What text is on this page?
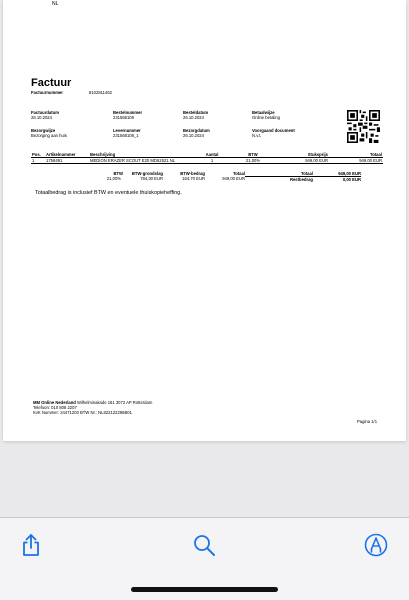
NL
Factuur
Factuurnummer	8102811462
Factuurdatum
26.10.2024
Bestelnummer
231568108
Besteldatum
26.10.2024
Betaalwijze
Online betaling
Bezorgwijze
Bezorging aan huis
Levernummer
231568108_1
Bezorgdatum
26.10.2024
Voorgaand document
N.v.t.
Pos.	Artikelnummer	Beschrijving	Aantal	BTW	Stuksprijs	Totaal
1	1756491	MEDION ERAZER SCOUT E20 MD62521 NL	1	21,00%	949,00 EUR	949,00 EUR
BTW	BTW-grondslag	BTW-bedrag	Totaal	Totaal	949,00 EUR
21,00%	784,30 EUR	164,70 EUR	949,00 EUR	Restbedrag	0,00 EUR
Totaalbedrag is inclusief BTW en eventuele thuiskopieheffing.
MM Online Nederland Wilhelminakade 161 3072 AP Rotterdam
Telefoon: 010 808 2207
KvK Nummer: 24471203 BTW Nr.: NL822122296B01
Pagina 1/1
